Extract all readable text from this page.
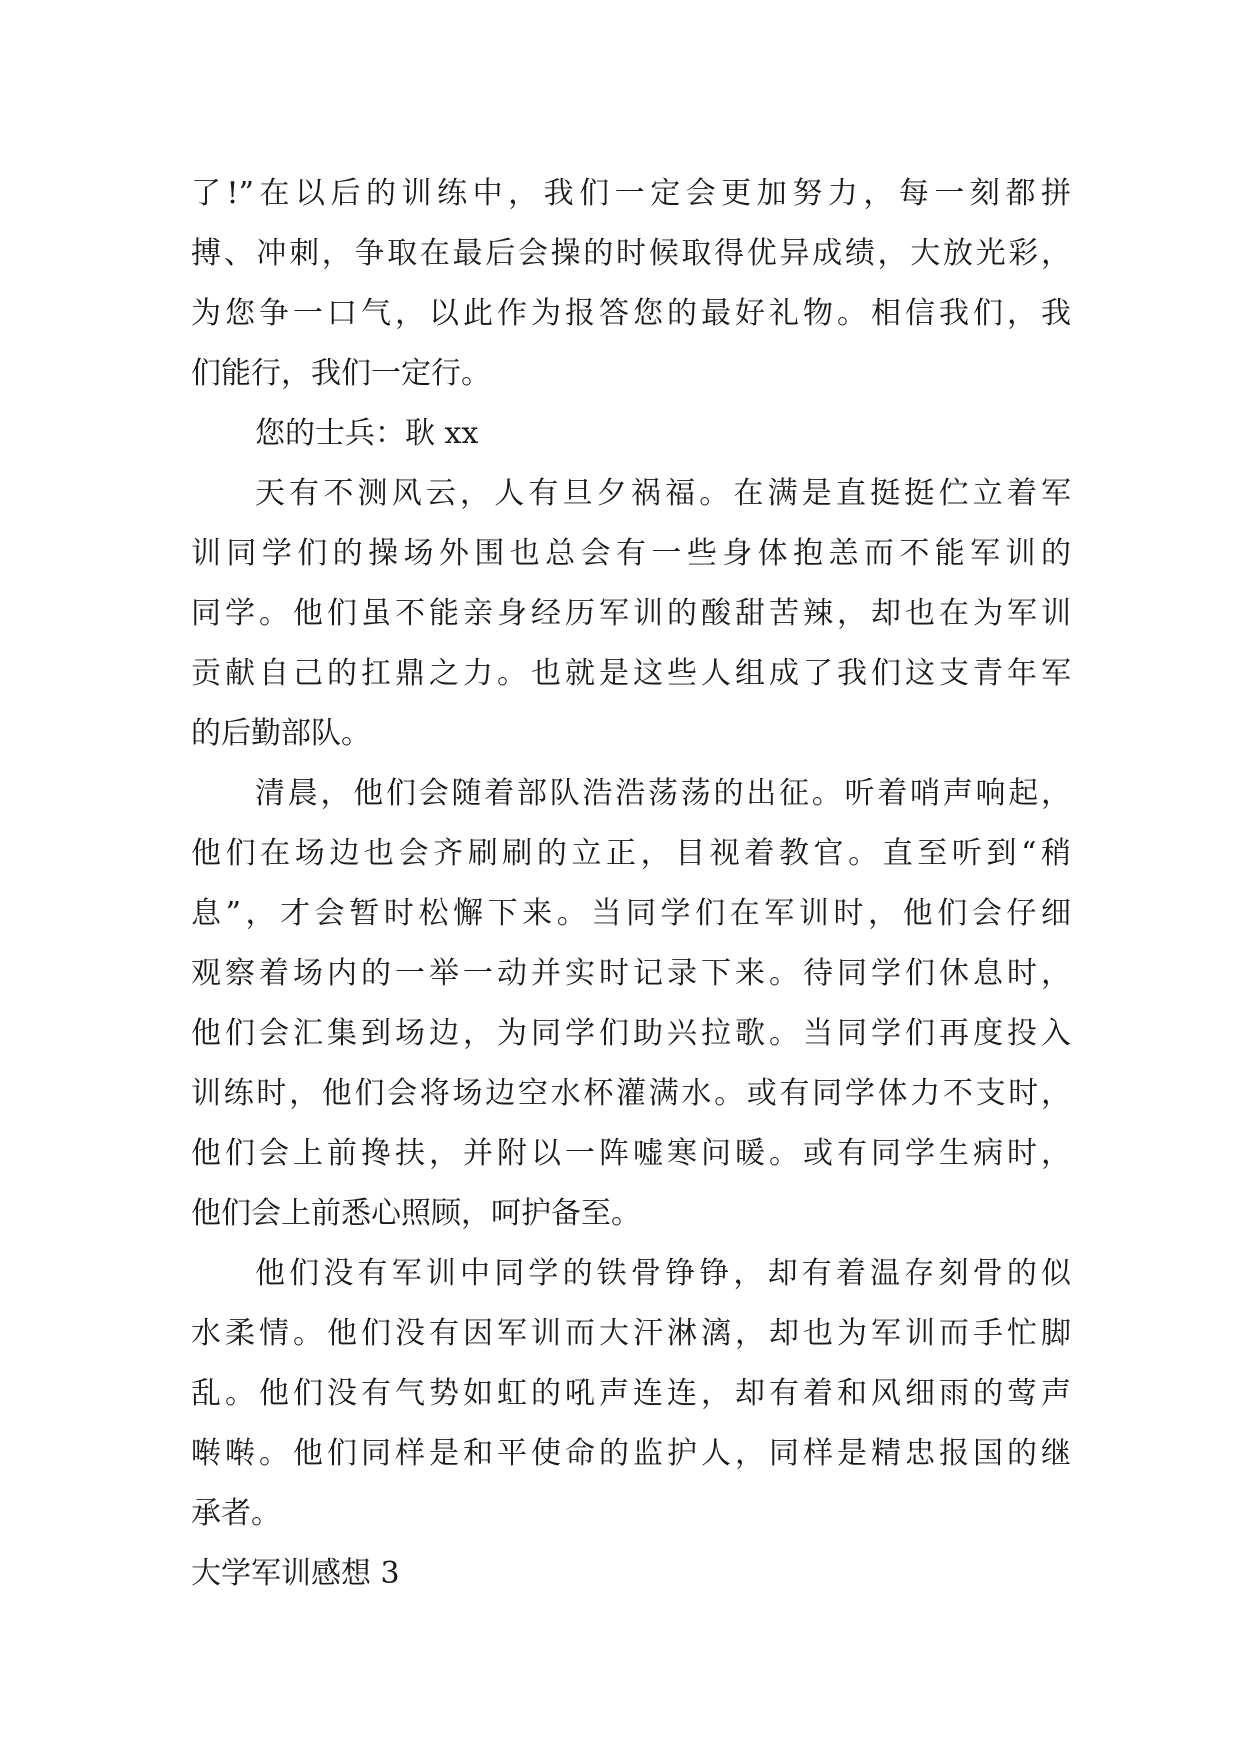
了!”在以后的训练中，我们一定会更加努力，每一刻都拼
搏、冲刺，争取在最后会操的时候取得优异成绩，大放光彩，
为您争一口气，以此作为报答您的最好礼物。相信我们，我
们能行，我们一定行。
您的士兵：耿 xx
天有不测风云，人有旦夕祸福。在满是直挺挺伫立着军
训同学们的操场外围也总会有一些身体抱恙而不能军训的
同学。他们虽不能亲身经历军训的酸甜苦辣，却也在为军训
贡献自己的扛鼎之力。也就是这些人组成了我们这支青年军
的后勤部队。
清晨，他们会随着部队浩浩荡荡的出征。听着哨声响起，
他们在场边也会齐刷刷的立正，目视着教官。直至听到“稍
息”，才会暂时松懈下来。当同学们在军训时，他们会仔细
观察着场内的一举一动并实时记录下来。待同学们休息时，
他们会汇集到场边，为同学们助兴拉歌。当同学们再度投入
训练时，他们会将场边空水杯灌满水。或有同学体力不支时，
他们会上前搀扶，并附以一阵嘘寒问暖。或有同学生病时，
他们会上前悉心照顾，呵护备至。
他们没有军训中同学的铁骨铮铮，却有着温存刻骨的似
水柔情。他们没有因军训而大汗淋漓，却也为军训而手忙脚
乱。他们没有气势如虹的吼声连连，却有着和风细雨的莺声
啭啭。他们同样是和平使命的监护人，同样是精忠报国的继
承者。
大学军训感想 3
